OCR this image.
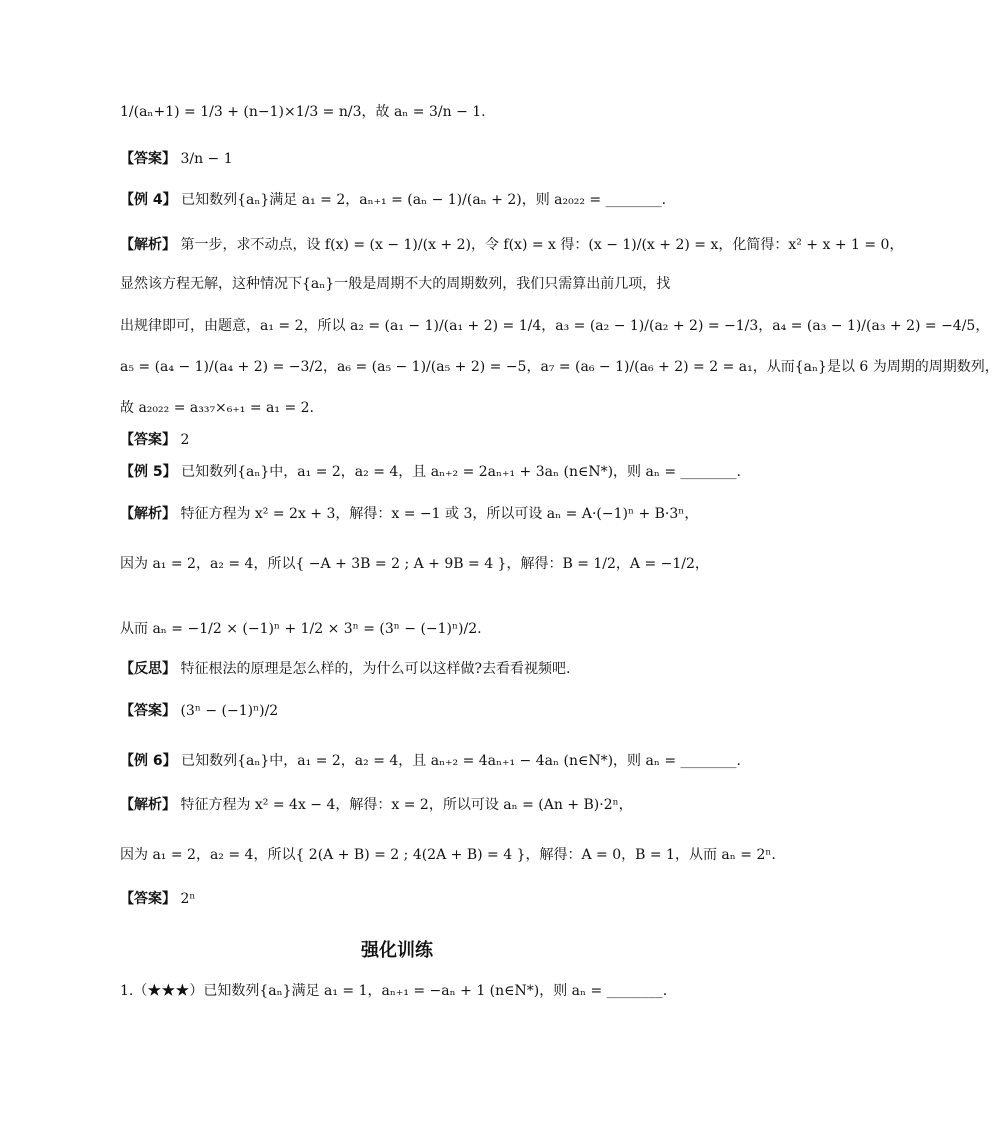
1/(aₙ+1) = 1/3 + (n−1)×1/3 = n/3，故 aₙ = 3/n − 1.
【答案】 3/n − 1
【例 4】 已知数列{aₙ}满足 a₁ = 2，aₙ₊₁ = (aₙ − 1)/(aₙ + 2)，则 a₂₀₂₂ = ________.
【解析】 第一步，求不动点，设 f(x) = (x − 1)/(x + 2)，令 f(x) = x 得：(x − 1)/(x + 2) = x，化简得：x² + x + 1 = 0，
显然该方程无解，这种情况下{aₙ}一般是周期不大的周期数列，我们只需算出前几项，找
出规律即可，由题意，a₁ = 2，所以 a₂ = (a₁ − 1)/(a₁ + 2) = 1/4，a₃ = (a₂ − 1)/(a₂ + 2) = −1/3，a₄ = (a₃ − 1)/(a₃ + 2) = −4/5，
a₅ = (a₄ − 1)/(a₄ + 2) = −3/2，a₆ = (a₅ − 1)/(a₅ + 2) = −5，a₇ = (a₆ − 1)/(a₆ + 2) = 2 = a₁，从而{aₙ}是以 6 为周期的周期数列，
故 a₂₀₂₂ = a₃₃₇×₆₊₁ = a₁ = 2.
【答案】 2
【例 5】 已知数列{aₙ}中，a₁ = 2，a₂ = 4，且 aₙ₊₂ = 2aₙ₊₁ + 3aₙ (n∈N*)，则 aₙ = ________.
【解析】 特征方程为 x² = 2x + 3，解得：x = −1 或 3，所以可设 aₙ = A·(−1)ⁿ + B·3ⁿ，
因为 a₁ = 2，a₂ = 4，所以{ −A + 3B = 2 ; A + 9B = 4 }，解得：B = 1/2，A = −1/2，
从而 aₙ = −1/2 × (−1)ⁿ + 1/2 × 3ⁿ = (3ⁿ − (−1)ⁿ)/2.
【反思】 特征根法的原理是怎么样的，为什么可以这样做?去看看视频吧.
【答案】 (3ⁿ − (−1)ⁿ)/2
【例 6】 已知数列{aₙ}中，a₁ = 2，a₂ = 4，且 aₙ₊₂ = 4aₙ₊₁ − 4aₙ (n∈N*)，则 aₙ = ________.
【解析】 特征方程为 x² = 4x − 4，解得：x = 2，所以可设 aₙ = (An + B)·2ⁿ，
因为 a₁ = 2，a₂ = 4，所以{ 2(A + B) = 2 ; 4(2A + B) = 4 }，解得：A = 0，B = 1，从而 aₙ = 2ⁿ.
【答案】 2ⁿ
强化训练
1.（★★★）已知数列{aₙ}满足 a₁ = 1，aₙ₊₁ = −aₙ + 1 (n∈N*)，则 aₙ = ________.
